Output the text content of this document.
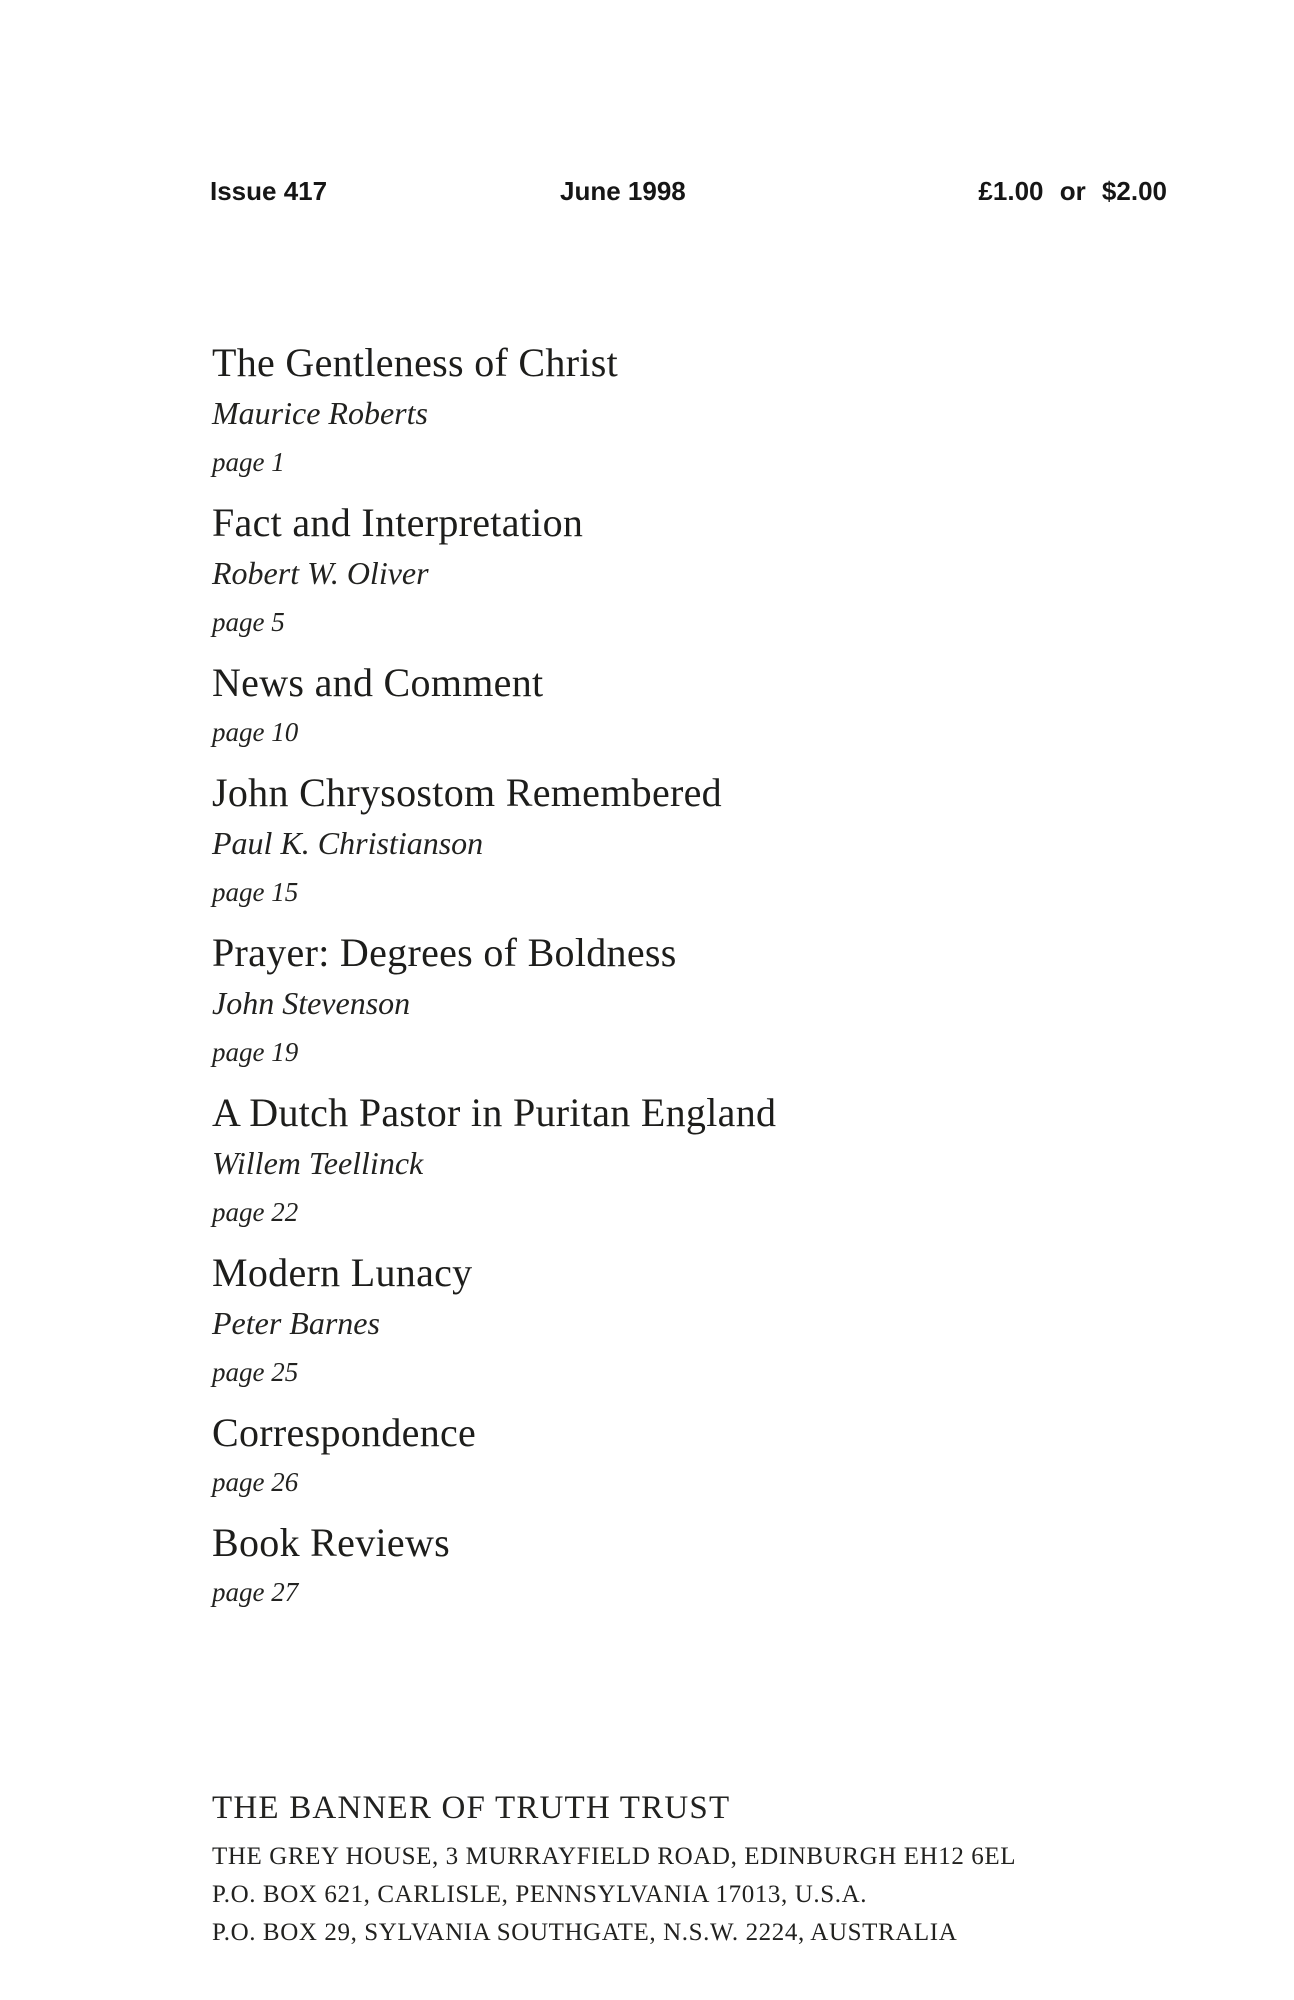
Issue 417	June 1998	£1.00 or $2.00
The Gentleness of Christ
Maurice Roberts
page 1
Fact and Interpretation
Robert W. Oliver
page 5
News and Comment
page 10
John Chrysostom Remembered
Paul K. Christianson
page 15
Prayer: Degrees of Boldness
John Stevenson
page 19
A Dutch Pastor in Puritan England
Willem Teellinck
page 22
Modern Lunacy
Peter Barnes
page 25
Correspondence
page 26
Book Reviews
page 27
THE BANNER OF TRUTH TRUST
THE GREY HOUSE, 3 MURRAYFIELD ROAD, EDINBURGH EH12 6EL
P.O. BOX 621, CARLISLE, PENNSYLVANIA 17013, U.S.A.
P.O. BOX 29, SYLVANIA SOUTHGATE, N.S.W. 2224, AUSTRALIA
